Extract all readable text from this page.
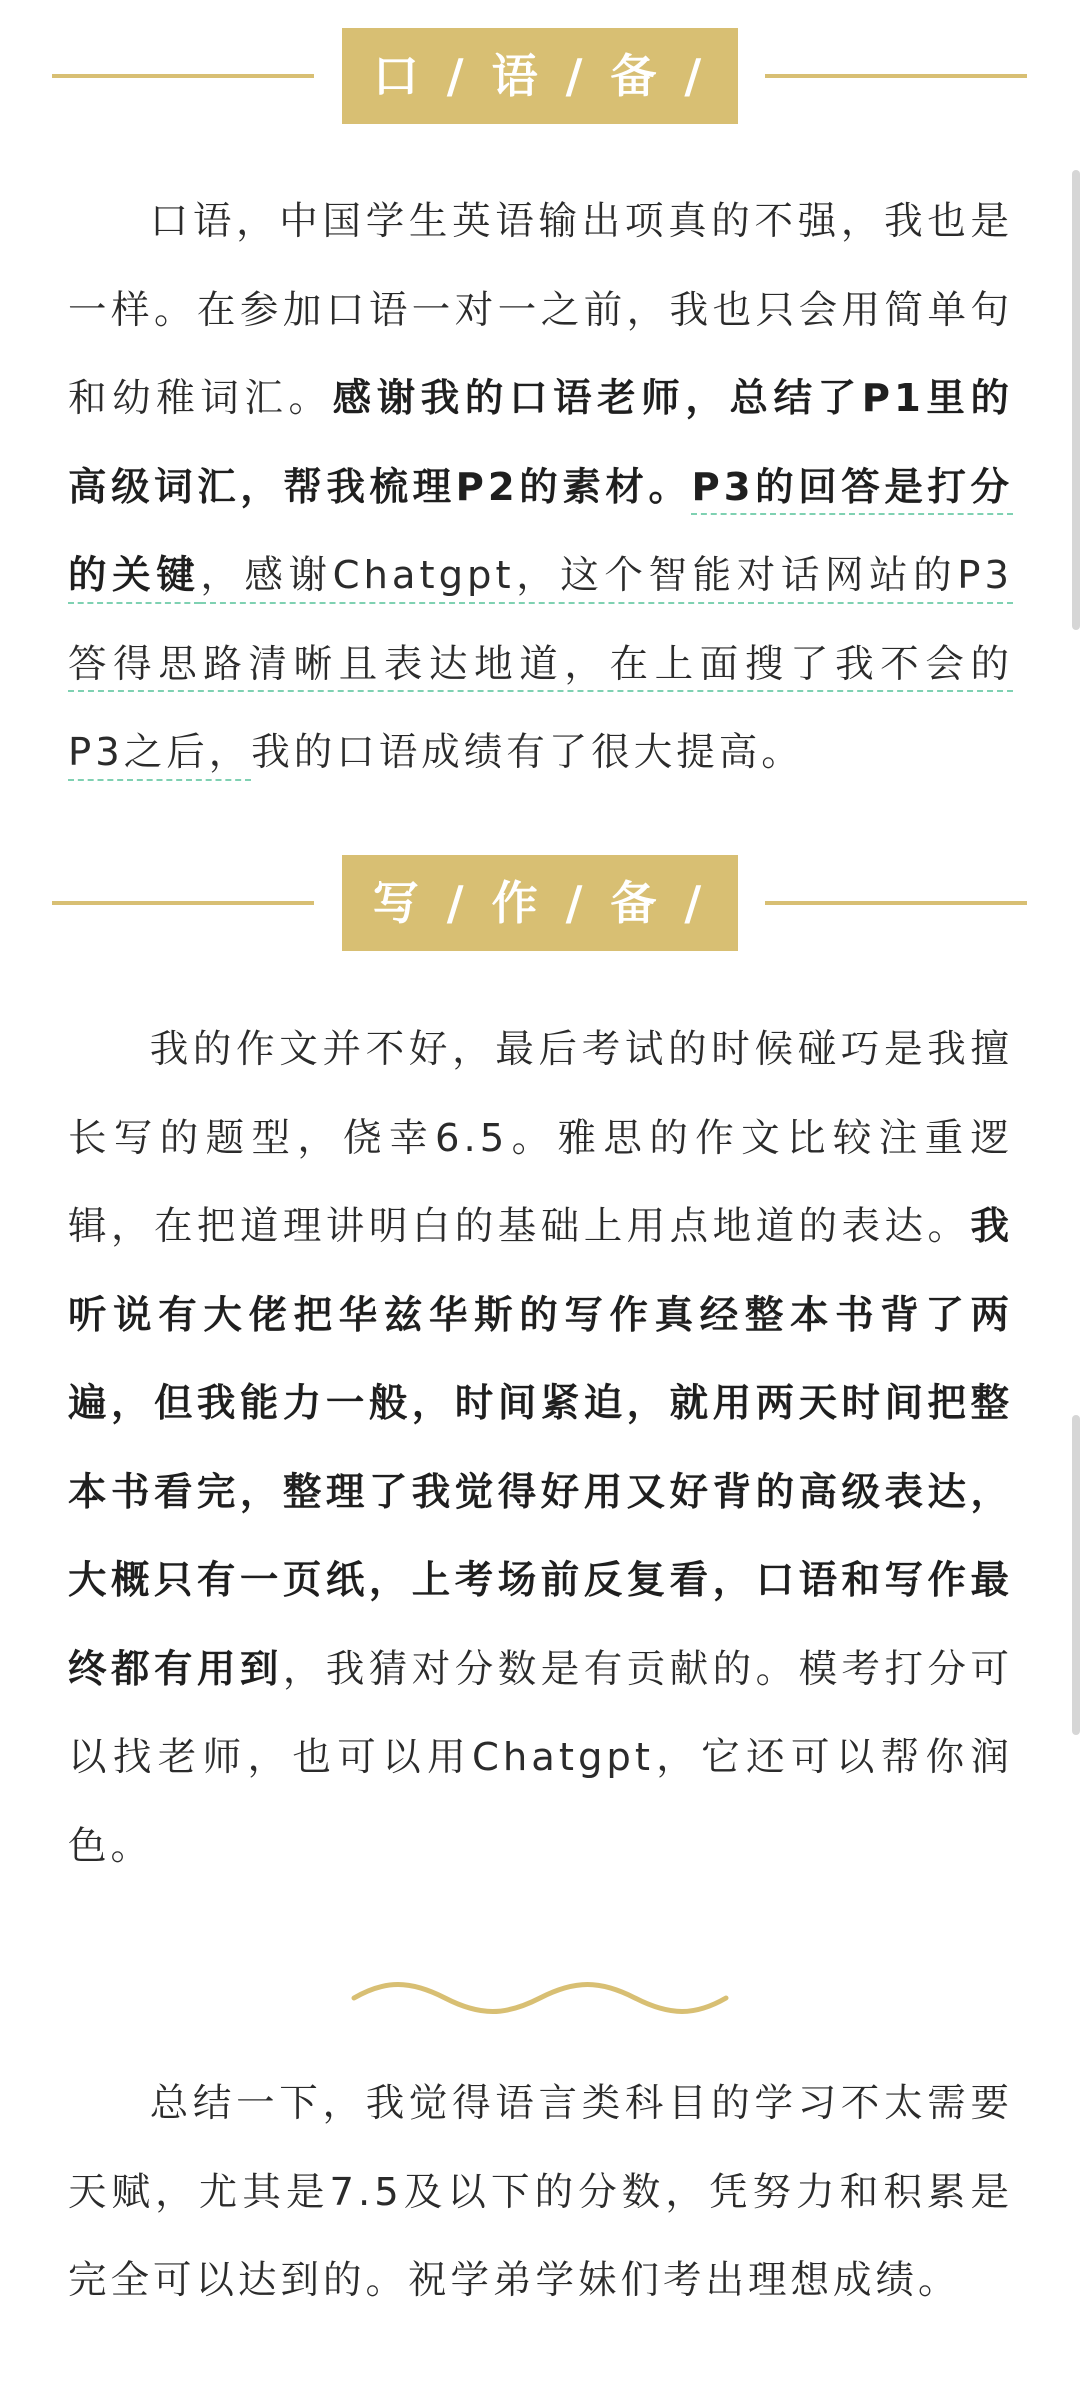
口 / 语 / 备 / 考

口语，中国学生英语输出项真的不强，我也是一样。在参加口语一对一之前，我也只会用简单句和幼稚词汇。感谢我的口语老师，总结了P1里的高级词汇，帮我梳理P2的素材。P3的回答是打分的关键，感谢Chatgpt，这个智能对话网站的P3答得思路清晰且表达地道，在上面搜了我不会的P3之后，我的口语成绩有了很大提高。

写 / 作 / 备 / 考

我的作文并不好，最后考试的时候碰巧是我擅长写的题型，侥幸6.5。雅思的作文比较注重逻辑，在把道理讲明白的基础上用点地道的表达。我听说有大佬把华兹华斯的写作真经整本书背了两遍，但我能力一般，时间紧迫，就用两天时间把整本书看完，整理了我觉得好用又好背的高级表达，大概只有一页纸，上考场前反复看，口语和写作最终都有用到，我猜对分数是有贡献的。模考打分可以找老师，也可以用Chatgpt，它还可以帮你润色。

总结一下，我觉得语言类科目的学习不太需要天赋，尤其是7.5及以下的分数，凭努力和积累是完全可以达到的。祝学弟学妹们考出理想成绩。
